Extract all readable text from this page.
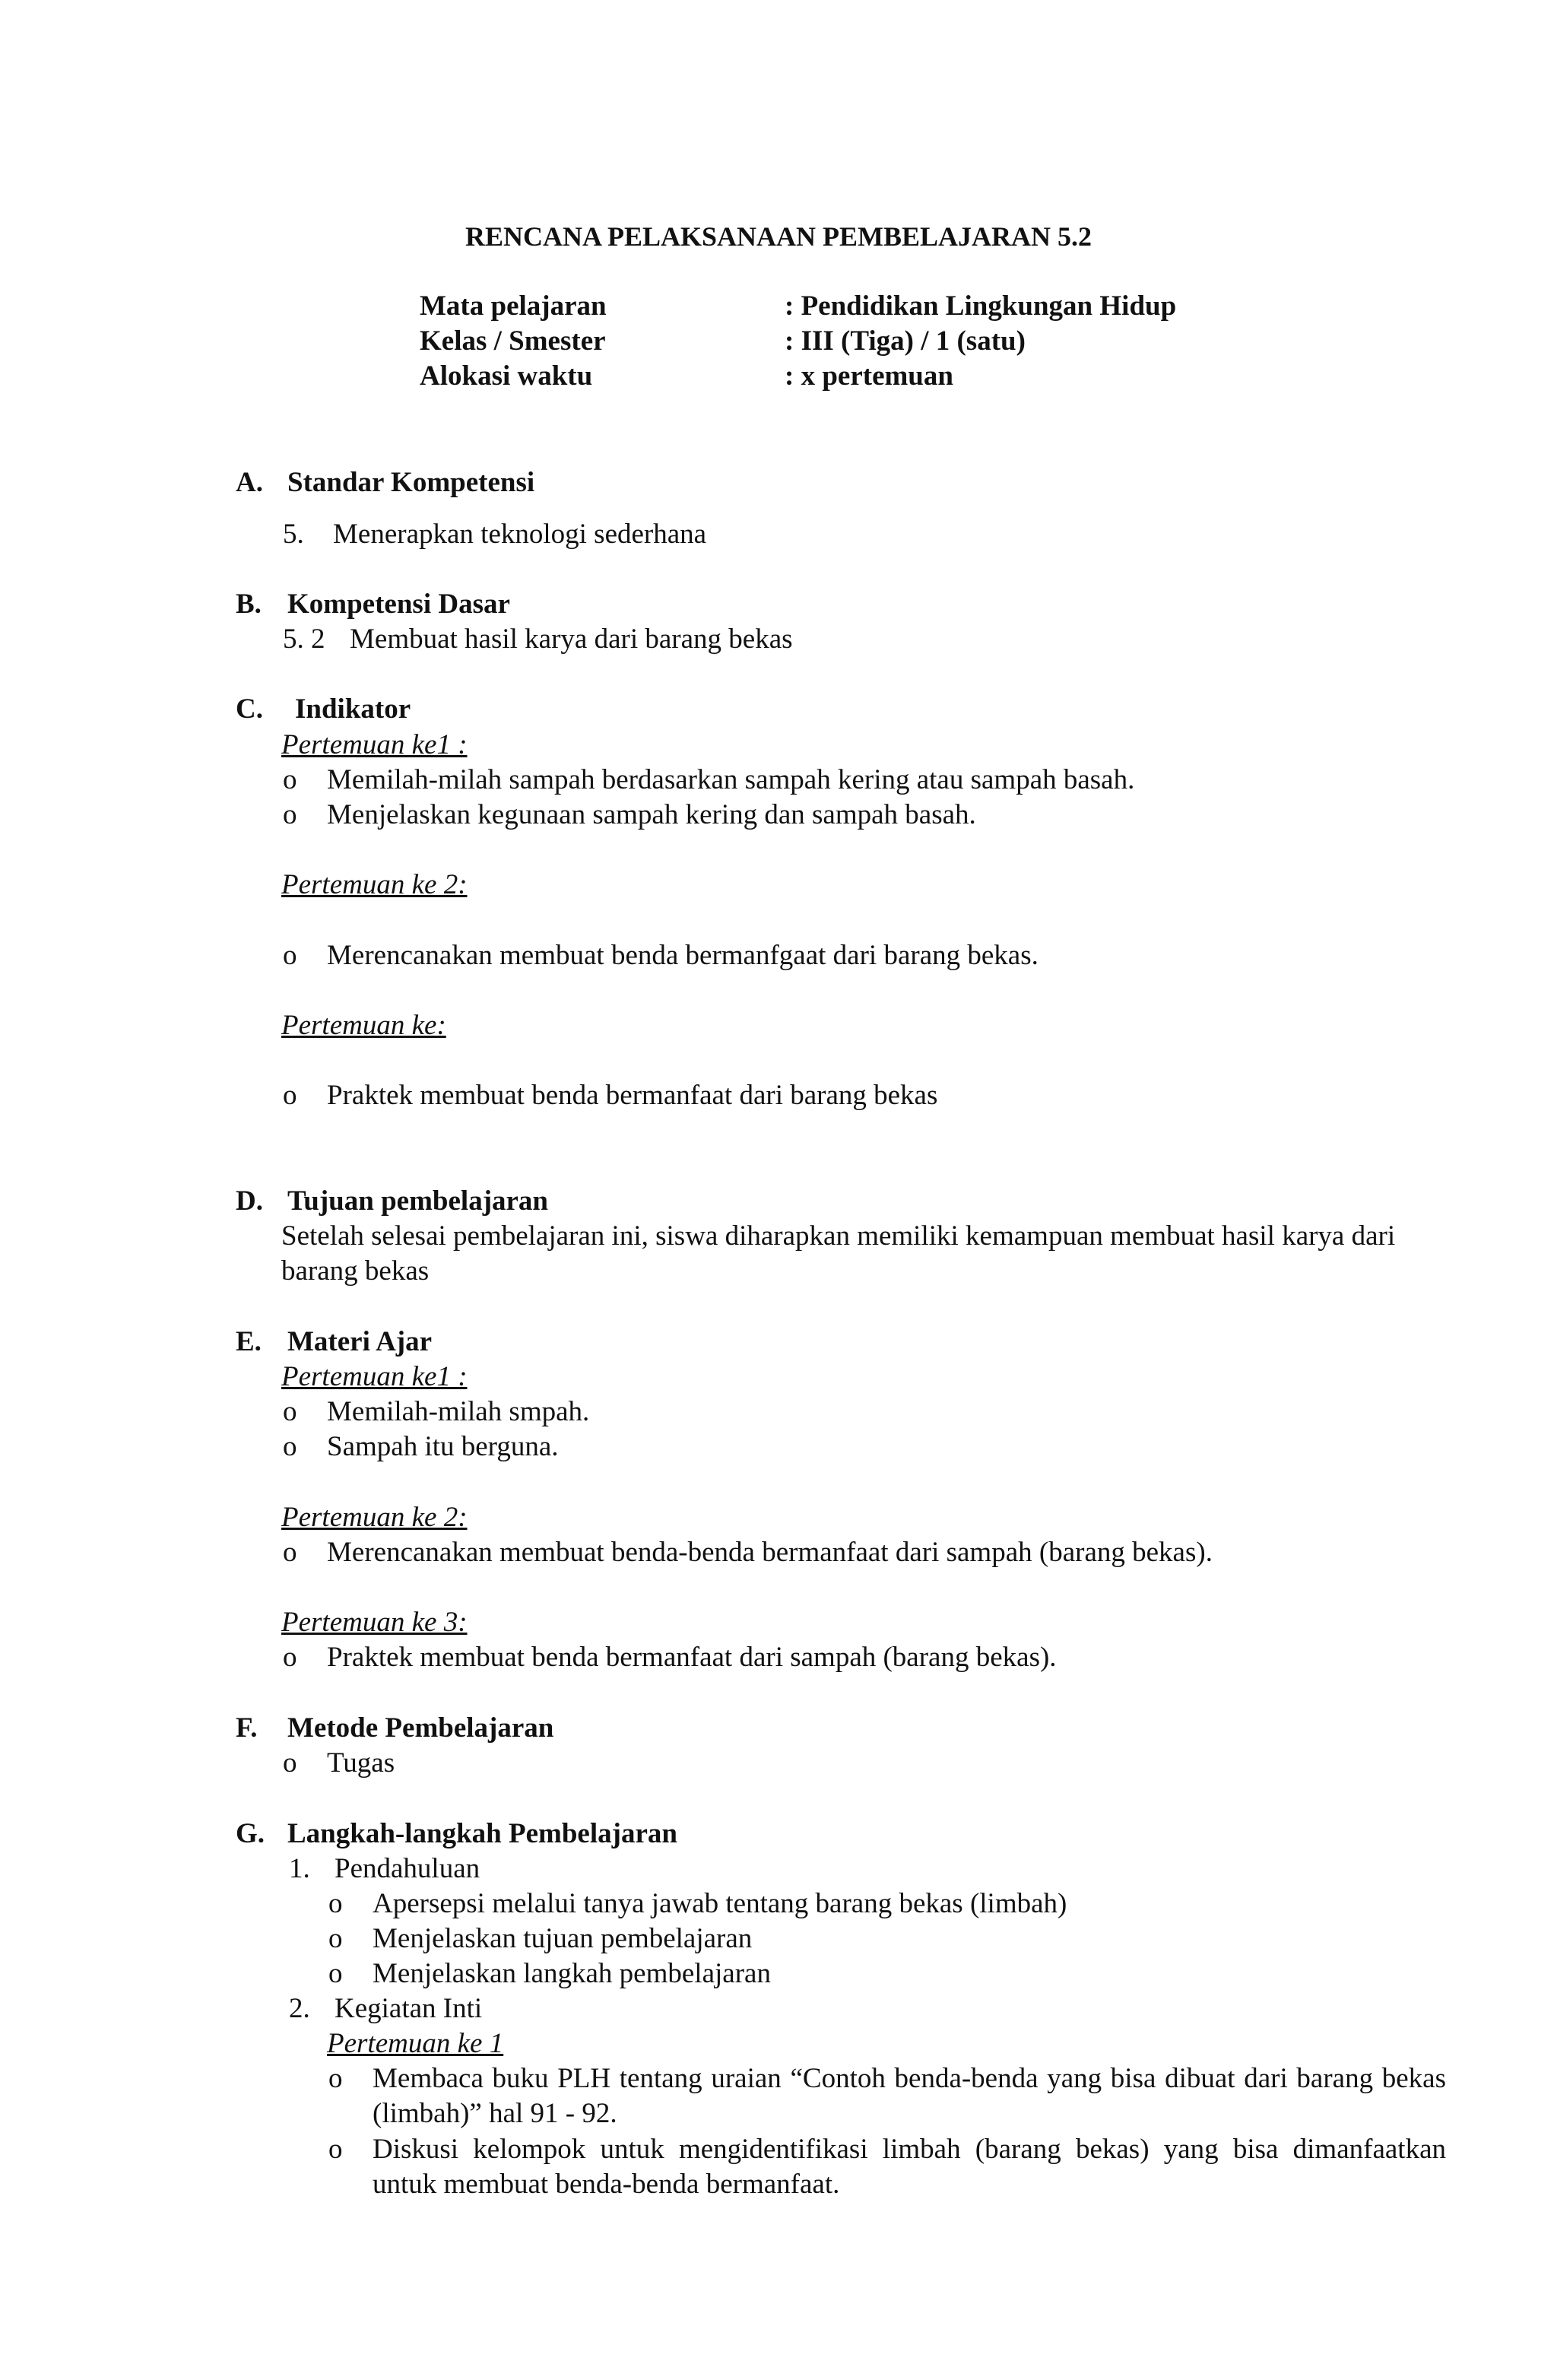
RENCANA PELAKSANAAN PEMBELAJARAN 5.2
Mata pelajaran	: Pendidikan Lingkungan Hidup
Kelas / Smester	: III (Tiga) / 1 (satu)
Alokasi waktu	: x pertemuan
A. Standar Kompetensi
5. Menerapkan teknologi sederhana
B. Kompetensi Dasar
5. 2 Membuat hasil karya dari barang bekas
C. Indikator
Pertemuan ke1 :
o Memilah-milah sampah berdasarkan sampah kering atau sampah basah.
o Menjelaskan kegunaan sampah kering dan sampah basah.
Pertemuan ke 2:
o Merencanakan membuat benda bermanfgaat dari barang bekas.
Pertemuan ke:
o Praktek membuat benda bermanfaat dari barang bekas
D. Tujuan pembelajaran
Setelah selesai pembelajaran ini, siswa diharapkan memiliki kemampuan membuat hasil karya dari barang bekas
E. Materi Ajar
Pertemuan ke1 :
o Memilah-milah smpah.
o Sampah itu berguna.
Pertemuan ke 2:
o Merencanakan membuat benda-benda bermanfaat dari sampah (barang bekas).
Pertemuan ke 3:
o Praktek membuat benda bermanfaat dari sampah (barang bekas).
F. Metode Pembelajaran
o Tugas
G. Langkah-langkah Pembelajaran
1. Pendahuluan
o Apersepsi melalui tanya jawab tentang barang bekas (limbah)
o Menjelaskan tujuan pembelajaran
o Menjelaskan langkah pembelajaran
2. Kegiatan Inti
Pertemuan ke 1
o Membaca buku PLH tentang uraian “Contoh benda-benda yang bisa dibuat dari barang bekas (limbah)” hal 91 - 92.
o Diskusi kelompok untuk mengidentifikasi limbah (barang bekas) yang bisa dimanfaatkan untuk membuat benda-benda bermanfaat.
